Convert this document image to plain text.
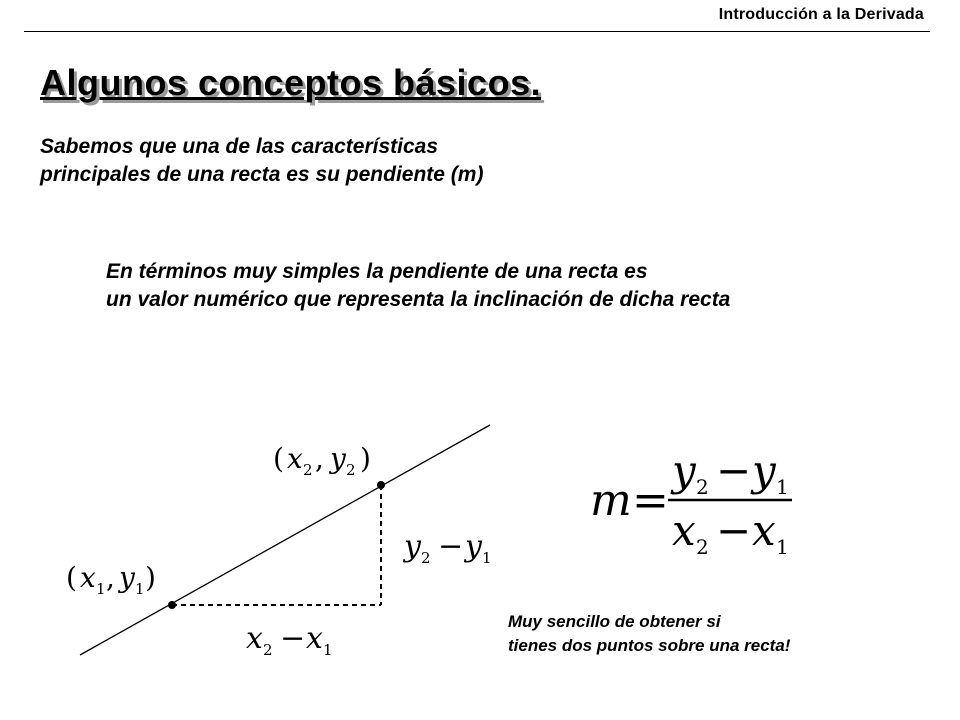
Introducción a la Derivada
Algunos conceptos básicos.
Sabemos que una de las características
principales de una recta es su pendiente (m)
En términos muy simples la pendiente de una recta es
un valor numérico que representa la inclinación de dicha recta
( x 2 , y 2 )
( x 1 , y 1 )
y 2 − y 1
x 2 − x 1
m =
y 2 − y 1
x 2 − x 1
Muy sencillo de obtener si
tienes dos puntos sobre una recta!
